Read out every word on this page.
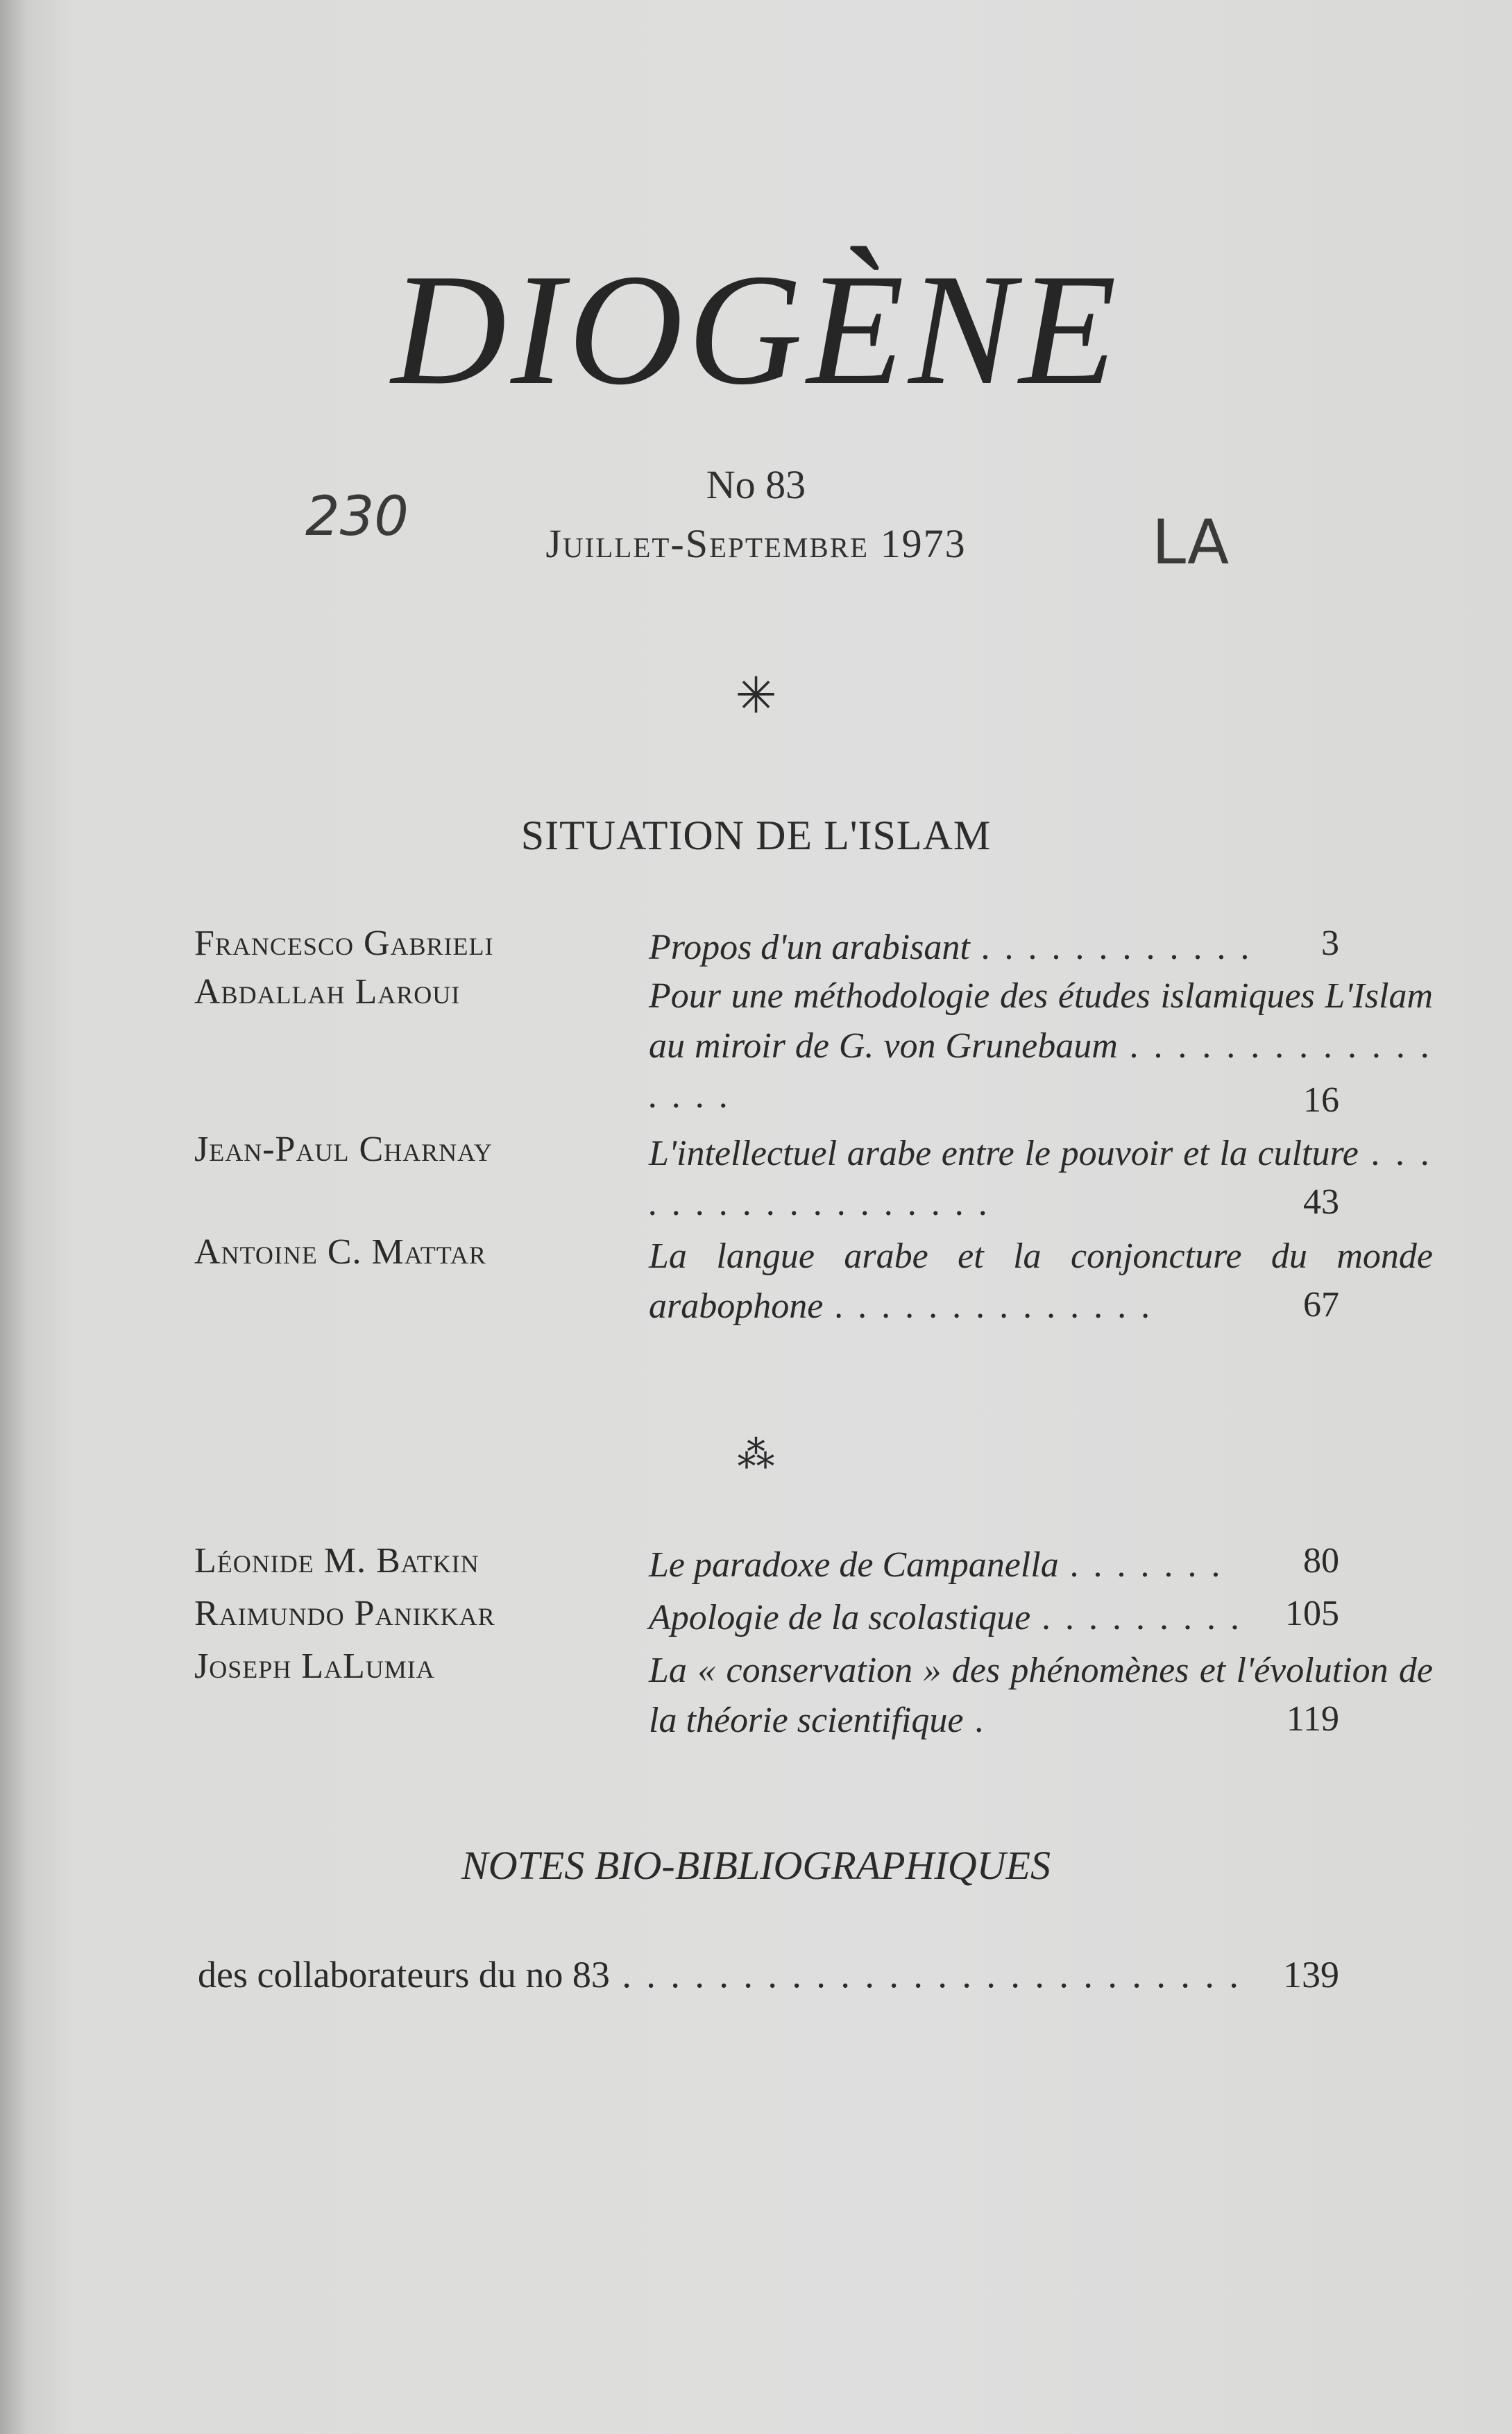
DIOGÈNE
No 83
Juillet-Septembre 1973
230	LA
✳
SITUATION DE L'ISLAM
Francesco Gabrieli	Propos d'un arabisant . . . . . . . . . . . .	3
Abdallah Laroui	Pour une méthodologie des études islamiques L'Islam au miroir de G. von Grunebaum . . . . . . . . . . . . . . . . .	16
Jean-Paul Charnay	L'intellectuel arabe entre le pouvoir et la culture . . . . . . . . . . . . . . . . . .	43
Antoine C. Mattar	La langue arabe et la conjoncture du monde arabophone . . . . . . . . . . . . . .	67
⁂
Léonide M. Batkin	Le paradoxe de Campanella . . . . . . .	80
Raimundo Panikkar	Apologie de la scolastique . . . . . . . . .	105
Joseph LaLumia	La « conservation » des phénomènes et l'évolution de la théorie scientifique .	119
NOTES BIO-BIBLIOGRAPHIQUES
des collaborateurs du no 83 . . . . . . . . . . . . . . . . . . . . . . . . . . 139
